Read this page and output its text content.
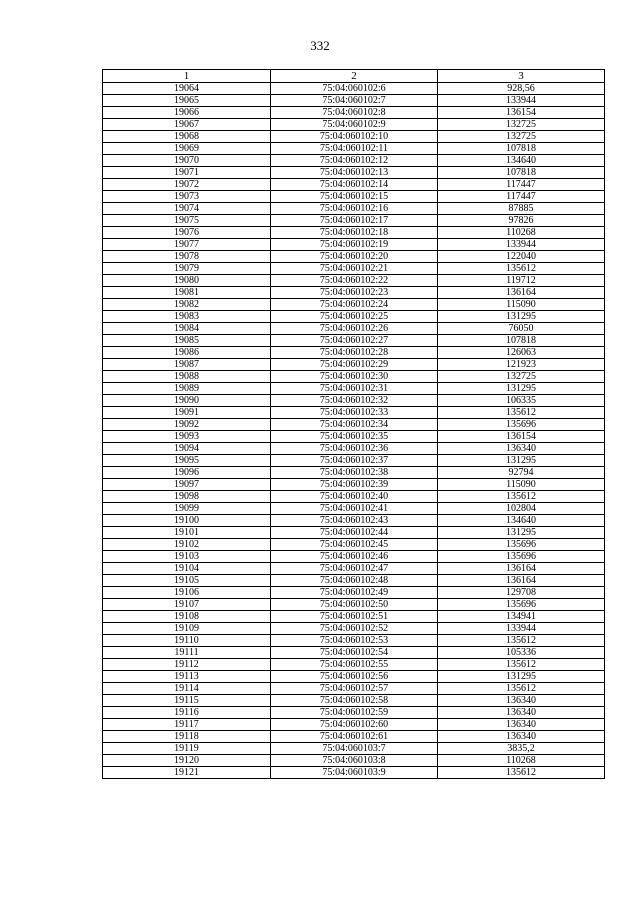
332
1	2	3
19064	75:04:060102:6	928,56
19065	75:04:060102:7	133944
19066	75:04:060102:8	136154
19067	75:04:060102:9	132725
19068	75:04:060102:10	132725
19069	75:04:060102:11	107818
19070	75:04:060102:12	134640
19071	75:04:060102:13	107818
19072	75:04:060102:14	117447
19073	75:04:060102:15	117447
19074	75:04:060102:16	87885
19075	75:04:060102:17	97826
19076	75:04:060102:18	110268
19077	75:04:060102:19	133944
19078	75:04:060102:20	122040
19079	75:04:060102:21	135612
19080	75:04:060102:22	119712
19081	75:04:060102:23	136164
19082	75:04:060102:24	115090
19083	75:04:060102:25	131295
19084	75:04:060102:26	76050
19085	75:04:060102:27	107818
19086	75:04:060102:28	126063
19087	75:04:060102:29	121923
19088	75:04:060102:30	132725
19089	75:04:060102:31	131295
19090	75:04:060102:32	106335
19091	75:04:060102:33	135612
19092	75:04:060102:34	135696
19093	75:04:060102:35	136154
19094	75:04:060102:36	136340
19095	75:04:060102:37	131295
19096	75:04:060102:38	92794
19097	75:04:060102:39	115090
19098	75:04:060102:40	135612
19099	75:04:060102:41	102804
19100	75:04:060102:43	134640
19101	75:04:060102:44	131295
19102	75:04:060102:45	135696
19103	75:04:060102:46	135696
19104	75:04:060102:47	136164
19105	75:04:060102:48	136164
19106	75:04:060102:49	129708
19107	75:04:060102:50	135696
19108	75:04:060102:51	134941
19109	75:04:060102:52	133944
19110	75:04:060102:53	135612
19111	75:04:060102:54	105336
19112	75:04:060102:55	135612
19113	75:04:060102:56	131295
19114	75:04:060102:57	135612
19115	75:04:060102:58	136340
19116	75:04:060102:59	136340
19117	75:04:060102:60	136340
19118	75:04:060102:61	136340
19119	75:04:060103:7	3835,2
19120	75:04:060103:8	110268
19121	75:04:060103:9	135612
